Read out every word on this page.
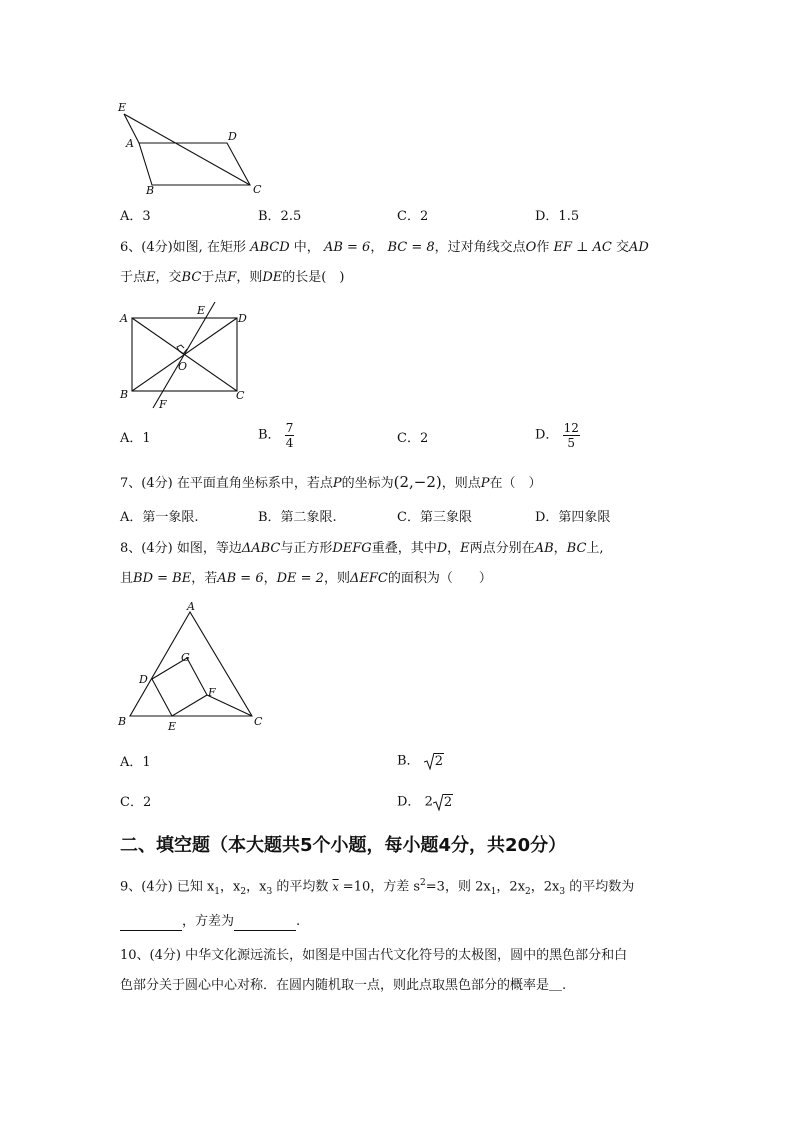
E
A
D
B	C
A．3	B．2.5	C．2	D．1.5
6、(4分)如图, 在矩形 ABCD 中， AB = 6， BC = 8，过对角线交点O作 EF ⊥ AC 交AD
于点E，交BC于点F，则DE的长是(　)
A
E
D
O
B
F
C
A．1	B． $\frac{7}{4}$	C．2	D． $\frac{12}{5}$
7、(4分) 在平面直角坐标系中，若点P的坐标为(2,−2)，则点P在（　）
A．第一象限.	B．第二象限.	C．第三象限	D．第四象限
8、(4分) 如图，等边ΔABC与正方形DEFG重叠，其中D，E两点分别在AB，BC上,
且BD = BE，若AB = 6，DE = 2，则ΔEFC的面积为（　　）
A
G
D
F
B	E	C
A．1	B． 2
C．2	D． 2 2
二、填空题（本大题共5个小题，每小题4分，共20分）
9、(4分) 已知 $x_1$，$x_2$，$x_3$ 的平均数 $\overline{x} =10$，方差 $s^2=3$，则 $2x_1$，$2x_2$，$2x_3$ 的平均数为
，方差为	.
10、(4分) 中华文化源远流长，如图是中国古代文化符号的太极图，圆中的黑色部分和白
色部分关于圆心中心对称．在圆内随机取一点，则此点取黑色部分的概率是＿.
